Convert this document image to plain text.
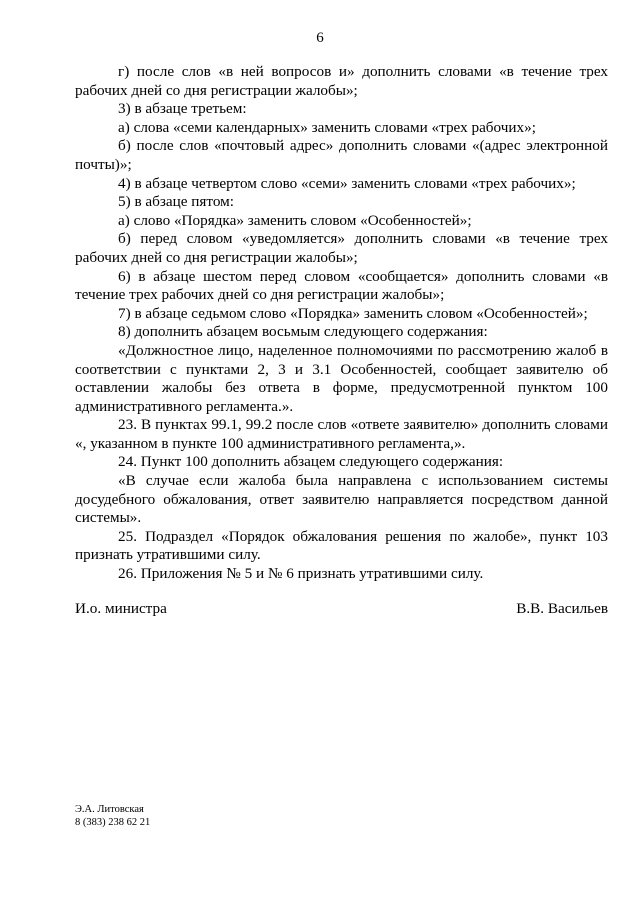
6

г) после слов «в ней вопросов и» дополнить словами «в течение трех рабочих дней со дня регистрации жалобы»;

3) в абзаце третьем:

а) слова «семи календарных» заменить словами «трех рабочих»;

б) после слов «почтовый адрес» дополнить словами «(адрес электронной почты)»;

4) в абзаце четвертом слово «семи» заменить словами «трех рабочих»;

5) в абзаце пятом:

а) слово «Порядка» заменить словом «Особенностей»;

б) перед словом «уведомляется» дополнить словами «в течение трех рабочих дней со дня регистрации жалобы»;

6) в абзаце шестом перед словом «сообщается» дополнить словами «в течение трех рабочих дней со дня регистрации жалобы»;

7) в абзаце седьмом слово «Порядка» заменить словом «Особенностей»;

8) дополнить абзацем восьмым следующего содержания:

«Должностное лицо, наделенное полномочиями по рассмотрению жалоб в соответствии с пунктами 2, 3 и 3.1 Особенностей, сообщает заявителю об оставлении жалобы без ответа в форме, предусмотренной пунктом 100 административного регламента.».

23. В пунктах 99.1, 99.2 после слов «ответе заявителю» дополнить словами «, указанном в пункте 100 административного регламента,».

24. Пункт 100 дополнить абзацем следующего содержания:

«В случае если жалоба была направлена с использованием системы досудебного обжалования, ответ заявителю направляется посредством данной системы».

25. Подраздел «Порядок обжалования решения по жалобе», пункт 103 признать утратившими силу.

26. Приложения № 5 и № 6 признать утратившими силу.

И.о. министра	В.В. Васильев
Э.А. Литовская
8 (383) 238 62 21
